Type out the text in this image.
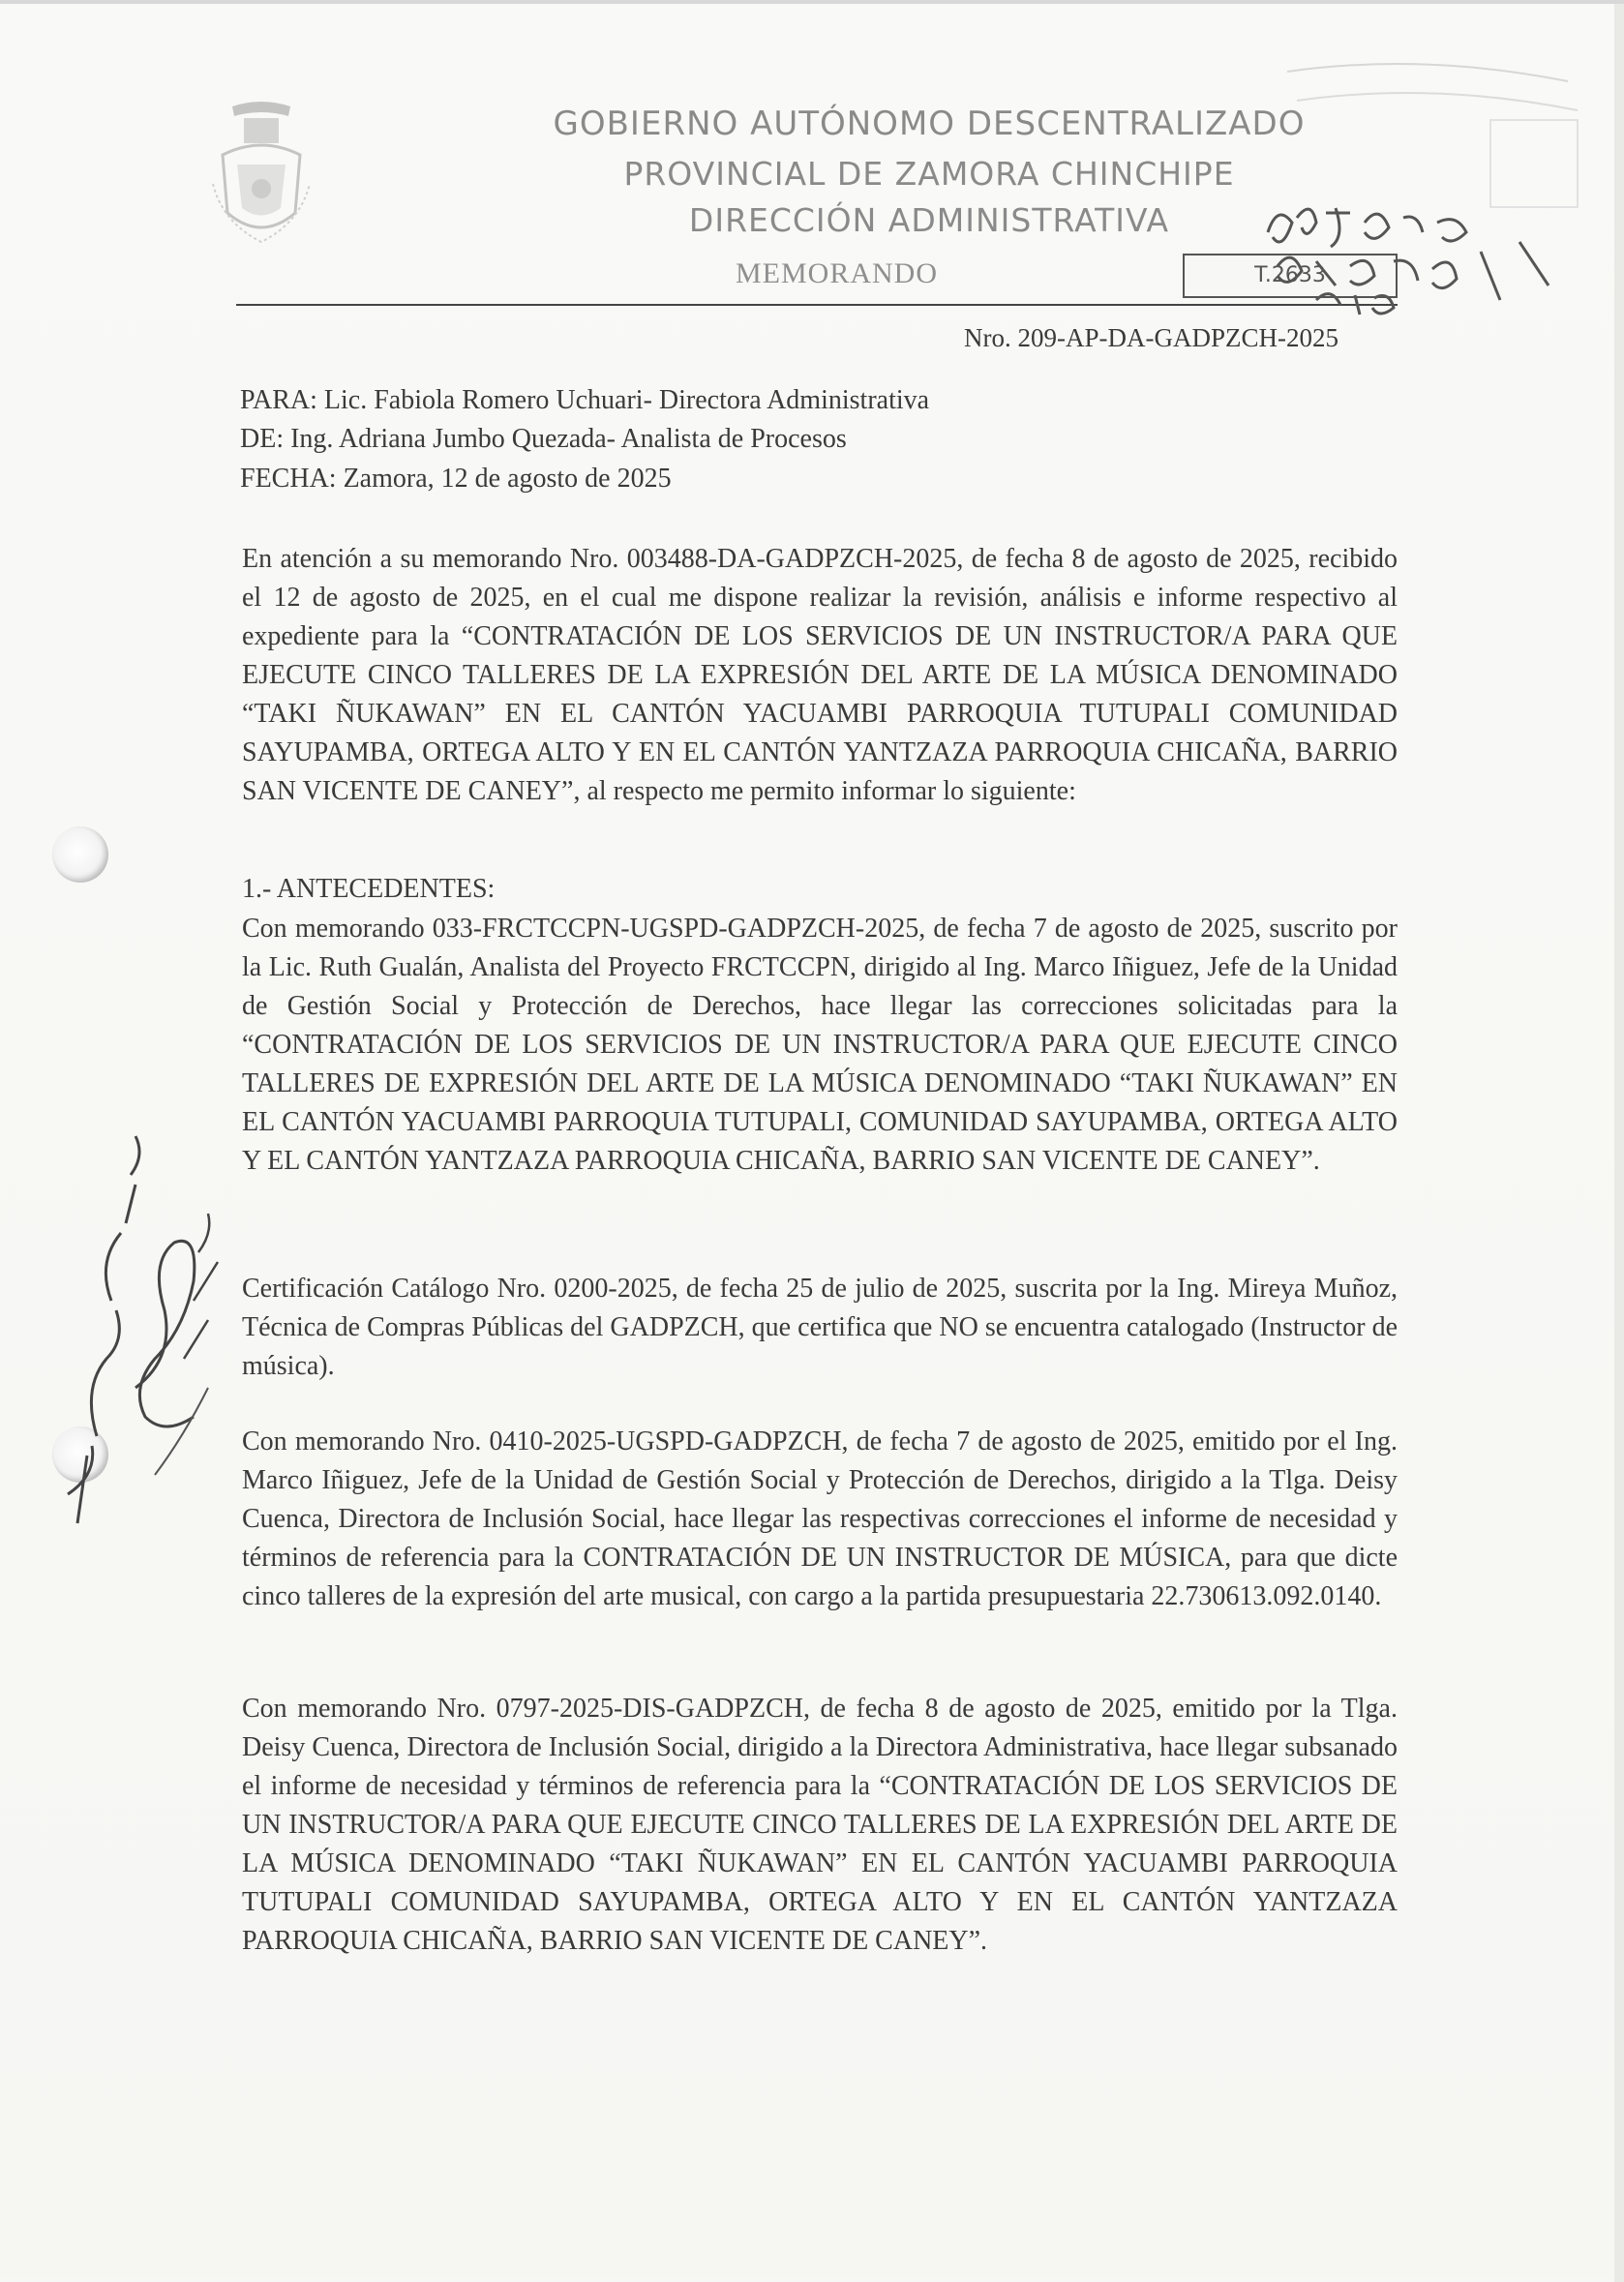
GOBIERNO AUTÓNOMO DESCENTRALIZADO
PROVINCIAL DE ZAMORA CHINCHIPE
DIRECCIÓN ADMINISTRATIVA
MEMORANDO	T.2633
Nro. 209-AP-DA-GADPZCH-2025
PARA: Lic. Fabiola Romero Uchuari- Directora Administrativa
DE: Ing. Adriana Jumbo Quezada- Analista de Procesos
FECHA: Zamora, 12 de agosto de 2025

En atención a su memorando Nro. 003488-DA-GADPZCH-2025, de fecha 8 de agosto de 2025, recibido el 12 de agosto de 2025, en el cual me dispone realizar la revisión, análisis e informe respectivo al expediente para la “CONTRATACIÓN DE LOS SERVICIOS DE UN INSTRUCTOR/A PARA QUE EJECUTE CINCO TALLERES DE LA EXPRESIÓN DEL ARTE DE LA MÚSICA DENOMINADO “TAKI ÑUKAWAN” EN EL CANTÓN YACUAMBI PARROQUIA TUTUPALI COMUNIDAD SAYUPAMBA, ORTEGA ALTO Y EN EL CANTÓN YANTZAZA PARROQUIA CHICAÑA, BARRIO SAN VICENTE DE CANEY”, al respecto me permito informar lo siguiente:

1.- ANTECEDENTES:

Con memorando 033-FRCTCCPN-UGSPD-GADPZCH-2025, de fecha 7 de agosto de 2025, suscrito por la Lic. Ruth Gualán, Analista del Proyecto FRCTCCPN, dirigido al Ing. Marco Iñiguez, Jefe de la Unidad de Gestión Social y Protección de Derechos, hace llegar las correcciones solicitadas para la “CONTRATACIÓN DE LOS SERVICIOS DE UN INSTRUCTOR/A PARA QUE EJECUTE CINCO TALLERES DE EXPRESIÓN DEL ARTE DE LA MÚSICA DENOMINADO “TAKI ÑUKAWAN” EN EL CANTÓN YACUAMBI PARROQUIA TUTUPALI, COMUNIDAD SAYUPAMBA, ORTEGA ALTO Y EL CANTÓN YANTZAZA PARROQUIA CHICAÑA, BARRIO SAN VICENTE DE CANEY”.

Certificación Catálogo Nro. 0200-2025, de fecha 25 de julio de 2025, suscrita por la Ing. Mireya Muñoz, Técnica de Compras Públicas del GADPZCH, que certifica que NO se encuentra catalogado (Instructor de música).

Con memorando Nro. 0410-2025-UGSPD-GADPZCH, de fecha 7 de agosto de 2025, emitido por el Ing. Marco Iñiguez, Jefe de la Unidad de Gestión Social y Protección de Derechos, dirigido a la Tlga. Deisy Cuenca, Directora de Inclusión Social, hace llegar las respectivas correcciones el informe de necesidad y términos de referencia para la CONTRATACIÓN DE UN INSTRUCTOR DE MÚSICA, para que dicte cinco talleres de la expresión del arte musical, con cargo a la partida presupuestaria 22.730613.092.0140.

Con memorando Nro. 0797-2025-DIS-GADPZCH, de fecha 8 de agosto de 2025, emitido por la Tlga. Deisy Cuenca, Directora de Inclusión Social, dirigido a la Directora Administrativa, hace llegar subsanado el informe de necesidad y términos de referencia para la “CONTRATACIÓN DE LOS SERVICIOS DE UN INSTRUCTOR/A PARA QUE EJECUTE CINCO TALLERES DE LA EXPRESIÓN DEL ARTE DE LA MÚSICA DENOMINADO “TAKI ÑUKAWAN” EN EL CANTÓN YACUAMBI PARROQUIA TUTUPALI COMUNIDAD SAYUPAMBA, ORTEGA ALTO Y EN EL CANTÓN YANTZAZA PARROQUIA CHICAÑA, BARRIO SAN VICENTE DE CANEY”.
